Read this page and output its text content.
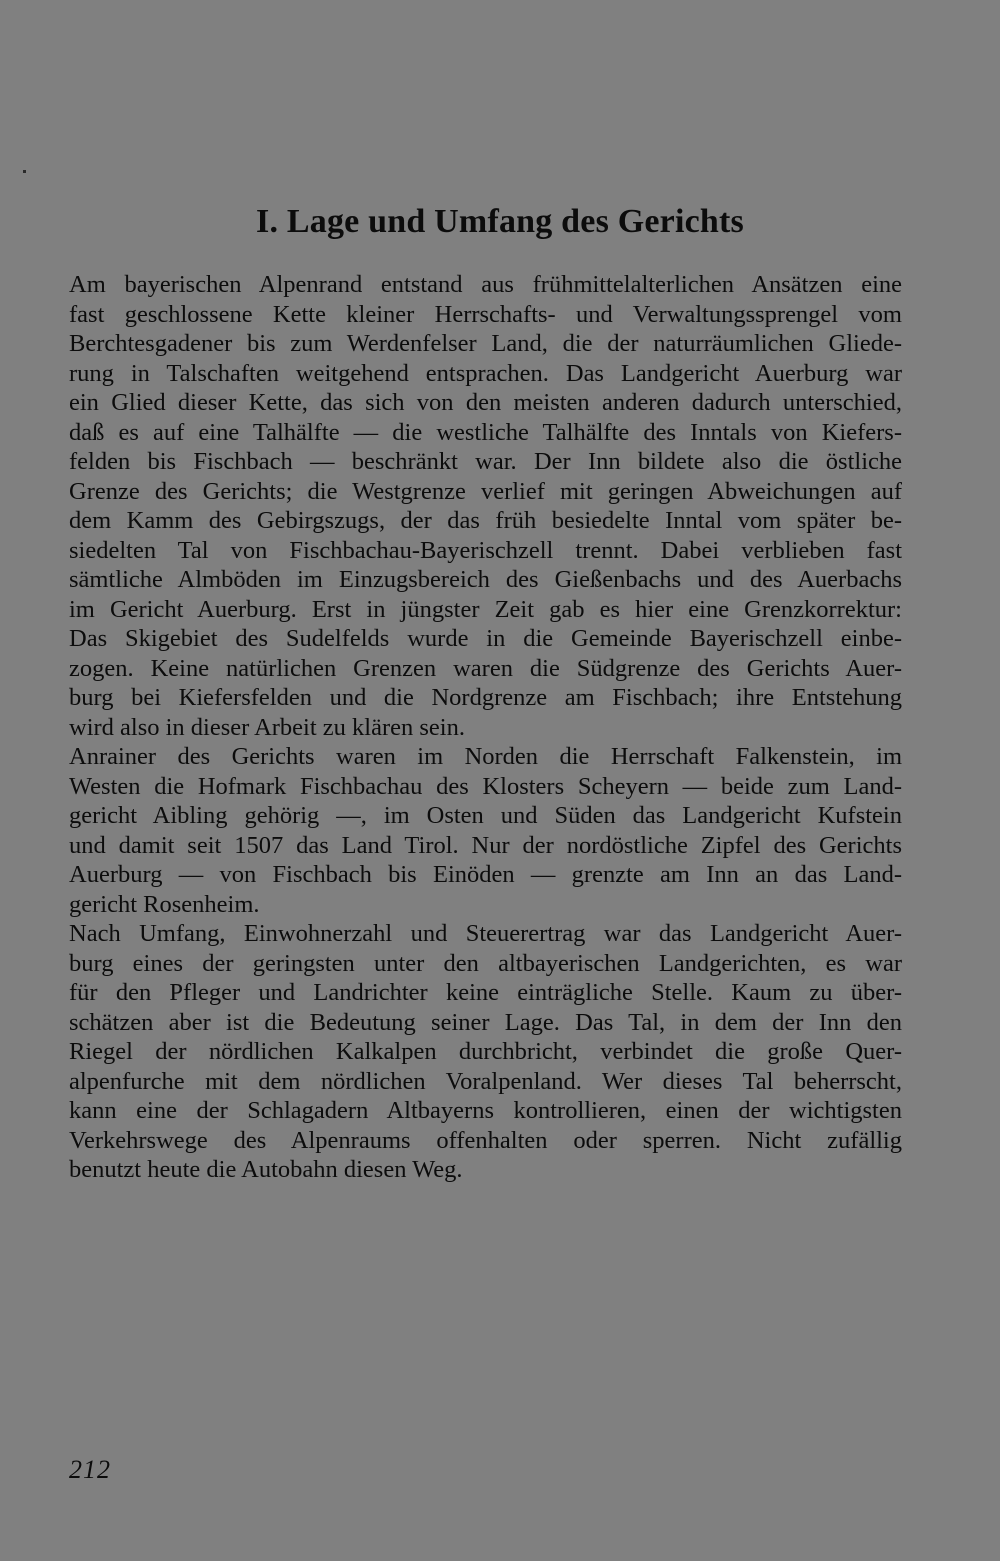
I. Lage und Umfang des Gerichts
Am bayerischen Alpenrand entstand aus frühmittelalterlichen Ansätzen eine
fast geschlossene Kette kleiner Herrschafts- und Verwaltungssprengel vom
Berchtesgadener bis zum Werdenfelser Land, die der naturräumlichen Gliede-
rung in Talschaften weitgehend entsprachen. Das Landgericht Auerburg war
ein Glied dieser Kette, das sich von den meisten anderen dadurch unterschied,
daß es auf eine Talhälfte — die westliche Talhälfte des Inntals von Kiefers-
felden bis Fischbach — beschränkt war. Der Inn bildete also die östliche
Grenze des Gerichts; die Westgrenze verlief mit geringen Abweichungen auf
dem Kamm des Gebirgszugs, der das früh besiedelte Inntal vom später be-
siedelten Tal von Fischbachau-Bayerischzell trennt. Dabei verblieben fast
sämtliche Almböden im Einzugsbereich des Gießenbachs und des Auerbachs
im Gericht Auerburg. Erst in jüngster Zeit gab es hier eine Grenzkorrektur:
Das Skigebiet des Sudelfelds wurde in die Gemeinde Bayerischzell einbe-
zogen. Keine natürlichen Grenzen waren die Südgrenze des Gerichts Auer-
burg bei Kiefersfelden und die Nordgrenze am Fischbach; ihre Entstehung
wird also in dieser Arbeit zu klären sein.
Anrainer des Gerichts waren im Norden die Herrschaft Falkenstein, im
Westen die Hofmark Fischbachau des Klosters Scheyern — beide zum Land-
gericht Aibling gehörig —, im Osten und Süden das Landgericht Kufstein
und damit seit 1507 das Land Tirol. Nur der nordöstliche Zipfel des Gerichts
Auerburg — von Fischbach bis Einöden — grenzte am Inn an das Land-
gericht Rosenheim.
Nach Umfang, Einwohnerzahl und Steuerertrag war das Landgericht Auer-
burg eines der geringsten unter den altbayerischen Landgerichten, es war
für den Pfleger und Landrichter keine einträgliche Stelle. Kaum zu über-
schätzen aber ist die Bedeutung seiner Lage. Das Tal, in dem der Inn den
Riegel der nördlichen Kalkalpen durchbricht, verbindet die große Quer-
alpenfurche mit dem nördlichen Voralpenland. Wer dieses Tal beherrscht,
kann eine der Schlagadern Altbayerns kontrollieren, einen der wichtigsten
Verkehrswege des Alpenraums offenhalten oder sperren. Nicht zufällig
benutzt heute die Autobahn diesen Weg.
212
